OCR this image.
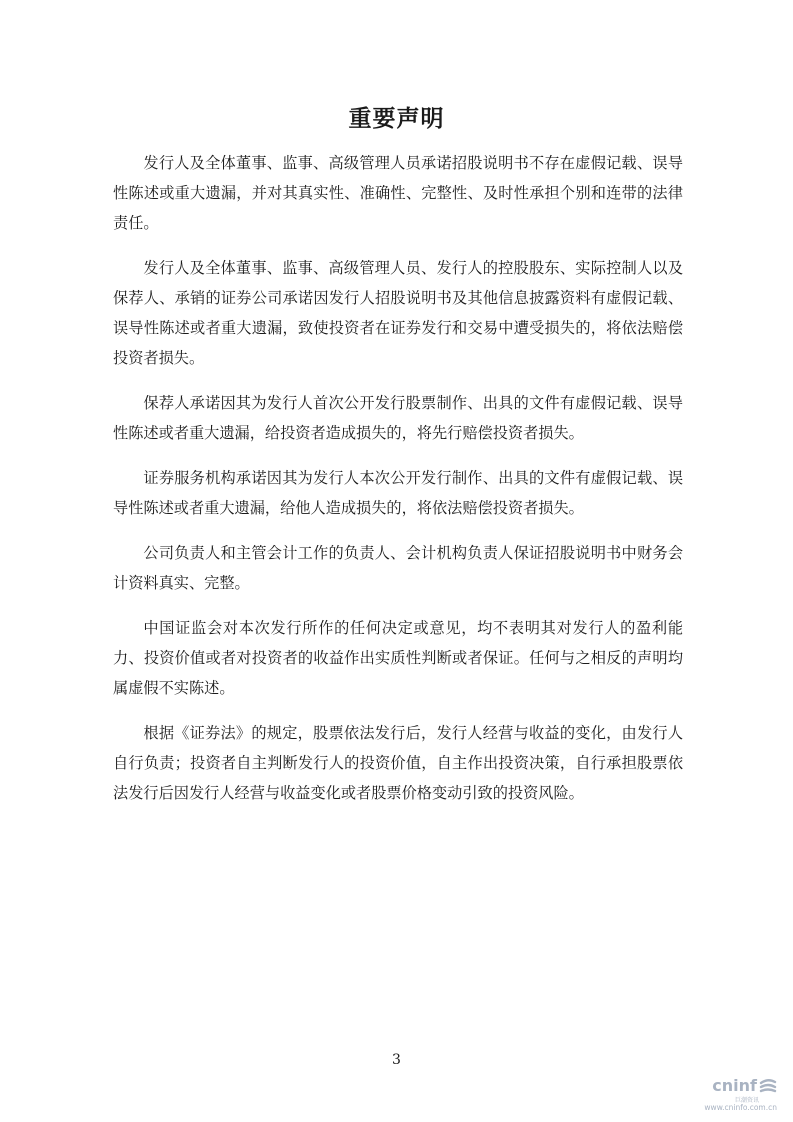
重要声明

发行人及全体董事、监事、高级管理人员承诺招股说明书不存在虚假记载、误导性陈述或重大遗漏，并对其真实性、准确性、完整性、及时性承担个别和连带的法律责任。

发行人及全体董事、监事、高级管理人员、发行人的控股股东、实际控制人以及保荐人、承销的证券公司承诺因发行人招股说明书及其他信息披露资料有虚假记载、误导性陈述或者重大遗漏，致使投资者在证券发行和交易中遭受损失的，将依法赔偿投资者损失。

保荐人承诺因其为发行人首次公开发行股票制作、出具的文件有虚假记载、误导性陈述或者重大遗漏，给投资者造成损失的，将先行赔偿投资者损失。

证券服务机构承诺因其为发行人本次公开发行制作、出具的文件有虚假记载、误导性陈述或者重大遗漏，给他人造成损失的，将依法赔偿投资者损失。

公司负责人和主管会计工作的负责人、会计机构负责人保证招股说明书中财务会计资料真实、完整。

中国证监会对本次发行所作的任何决定或意见，均不表明其对发行人的盈利能力、投资价值或者对投资者的收益作出实质性判断或者保证。任何与之相反的声明均属虚假不实陈述。

根据《证券法》的规定，股票依法发行后，发行人经营与收益的变化，由发行人自行负责；投资者自主判断发行人的投资价值，自主作出投资决策，自行承担股票依法发行后因发行人经营与收益变化或者股票价格变动引致的投资风险。

3
cninf
巨潮资讯
www.cninfo.com.cn
